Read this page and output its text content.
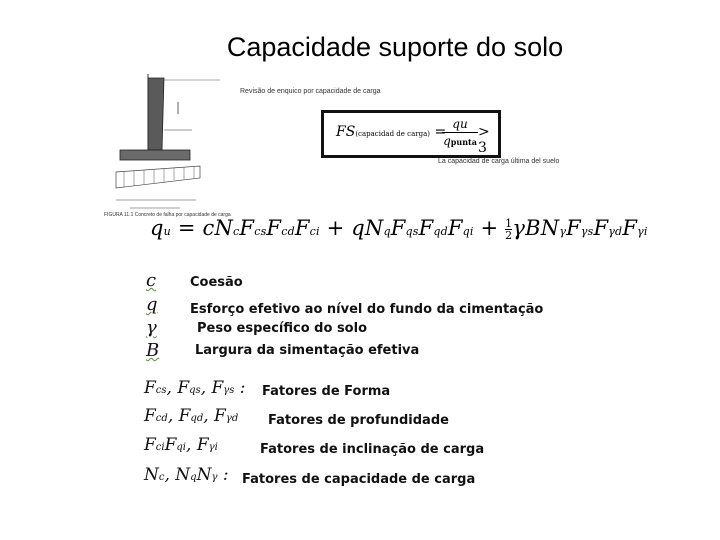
Capacidade suporte do solo
Revisão de enquico por capacidade de carga
FS(capacidad de carga) = qu
qpunta
> 3
La capacidad de carga última del suelo
FIGURA 11.1 Concreto de falha por capacidade de carga
qu = cNcFcsFcdFci + qNqFqsFqdFqi + $\frac{1}{2}$ γBNγFγsFγdFγi
c	Coesão
q Esforço efetivo ao nível do fundo da cimentação
γ	Peso específico do solo
B	Largura da simentação efetiva
Fcs, Fqs, Fγs : Fatores de Forma
Fcd, Fqd, Fγd Fatores de profundidade
FciFqi, Fγi	Fatores de inclinação de carga
Nc, NqNγ : Fatores de capacidade de carga
